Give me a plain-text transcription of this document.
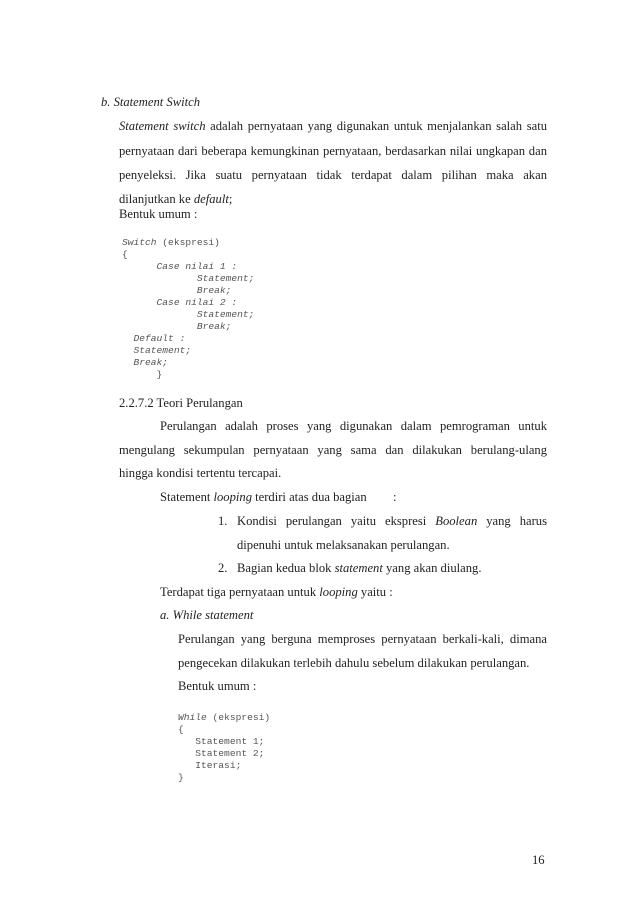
b. Statement Switch
Statement switch adalah pernyataan yang digunakan untuk menjalankan salah satu
pernyataan dari beberapa kemungkinan pernyataan, berdasarkan nilai ungkapan dan
penyeleksi. Jika suatu pernyataan tidak terdapat dalam pilihan maka akan
dilanjutkan ke default;
Bentuk umum :

Switch (ekspresi)
{
Case nilai 1 :
Statement;
Break;
Case nilai 2 :
Statement;
Break;
Default :
Statement;
Break;
}

2.2.7.2 Teori Perulangan
Perulangan adalah proses yang digunakan dalam pemrograman untuk
mengulang sekumpulan pernyataan yang sama dan dilakukan berulang-ulang
hingga kondisi tertentu tercapai.
Statement looping terdiri atas dua bagian :
1. Kondisi perulangan yaitu ekspresi Boolean yang harus
dipenuhi untuk melaksanakan perulangan.
2. Bagian kedua blok statement yang akan diulang.
Terdapat tiga pernyataan untuk looping yaitu :
a. While statement
Perulangan yang berguna memproses pernyataan berkali-kali, dimana
pengecekan dilakukan terlebih dahulu sebelum dilakukan perulangan.
Bentuk umum :

While (ekspresi)
{
Statement 1;
Statement 2;
Iterasi;
}

16
